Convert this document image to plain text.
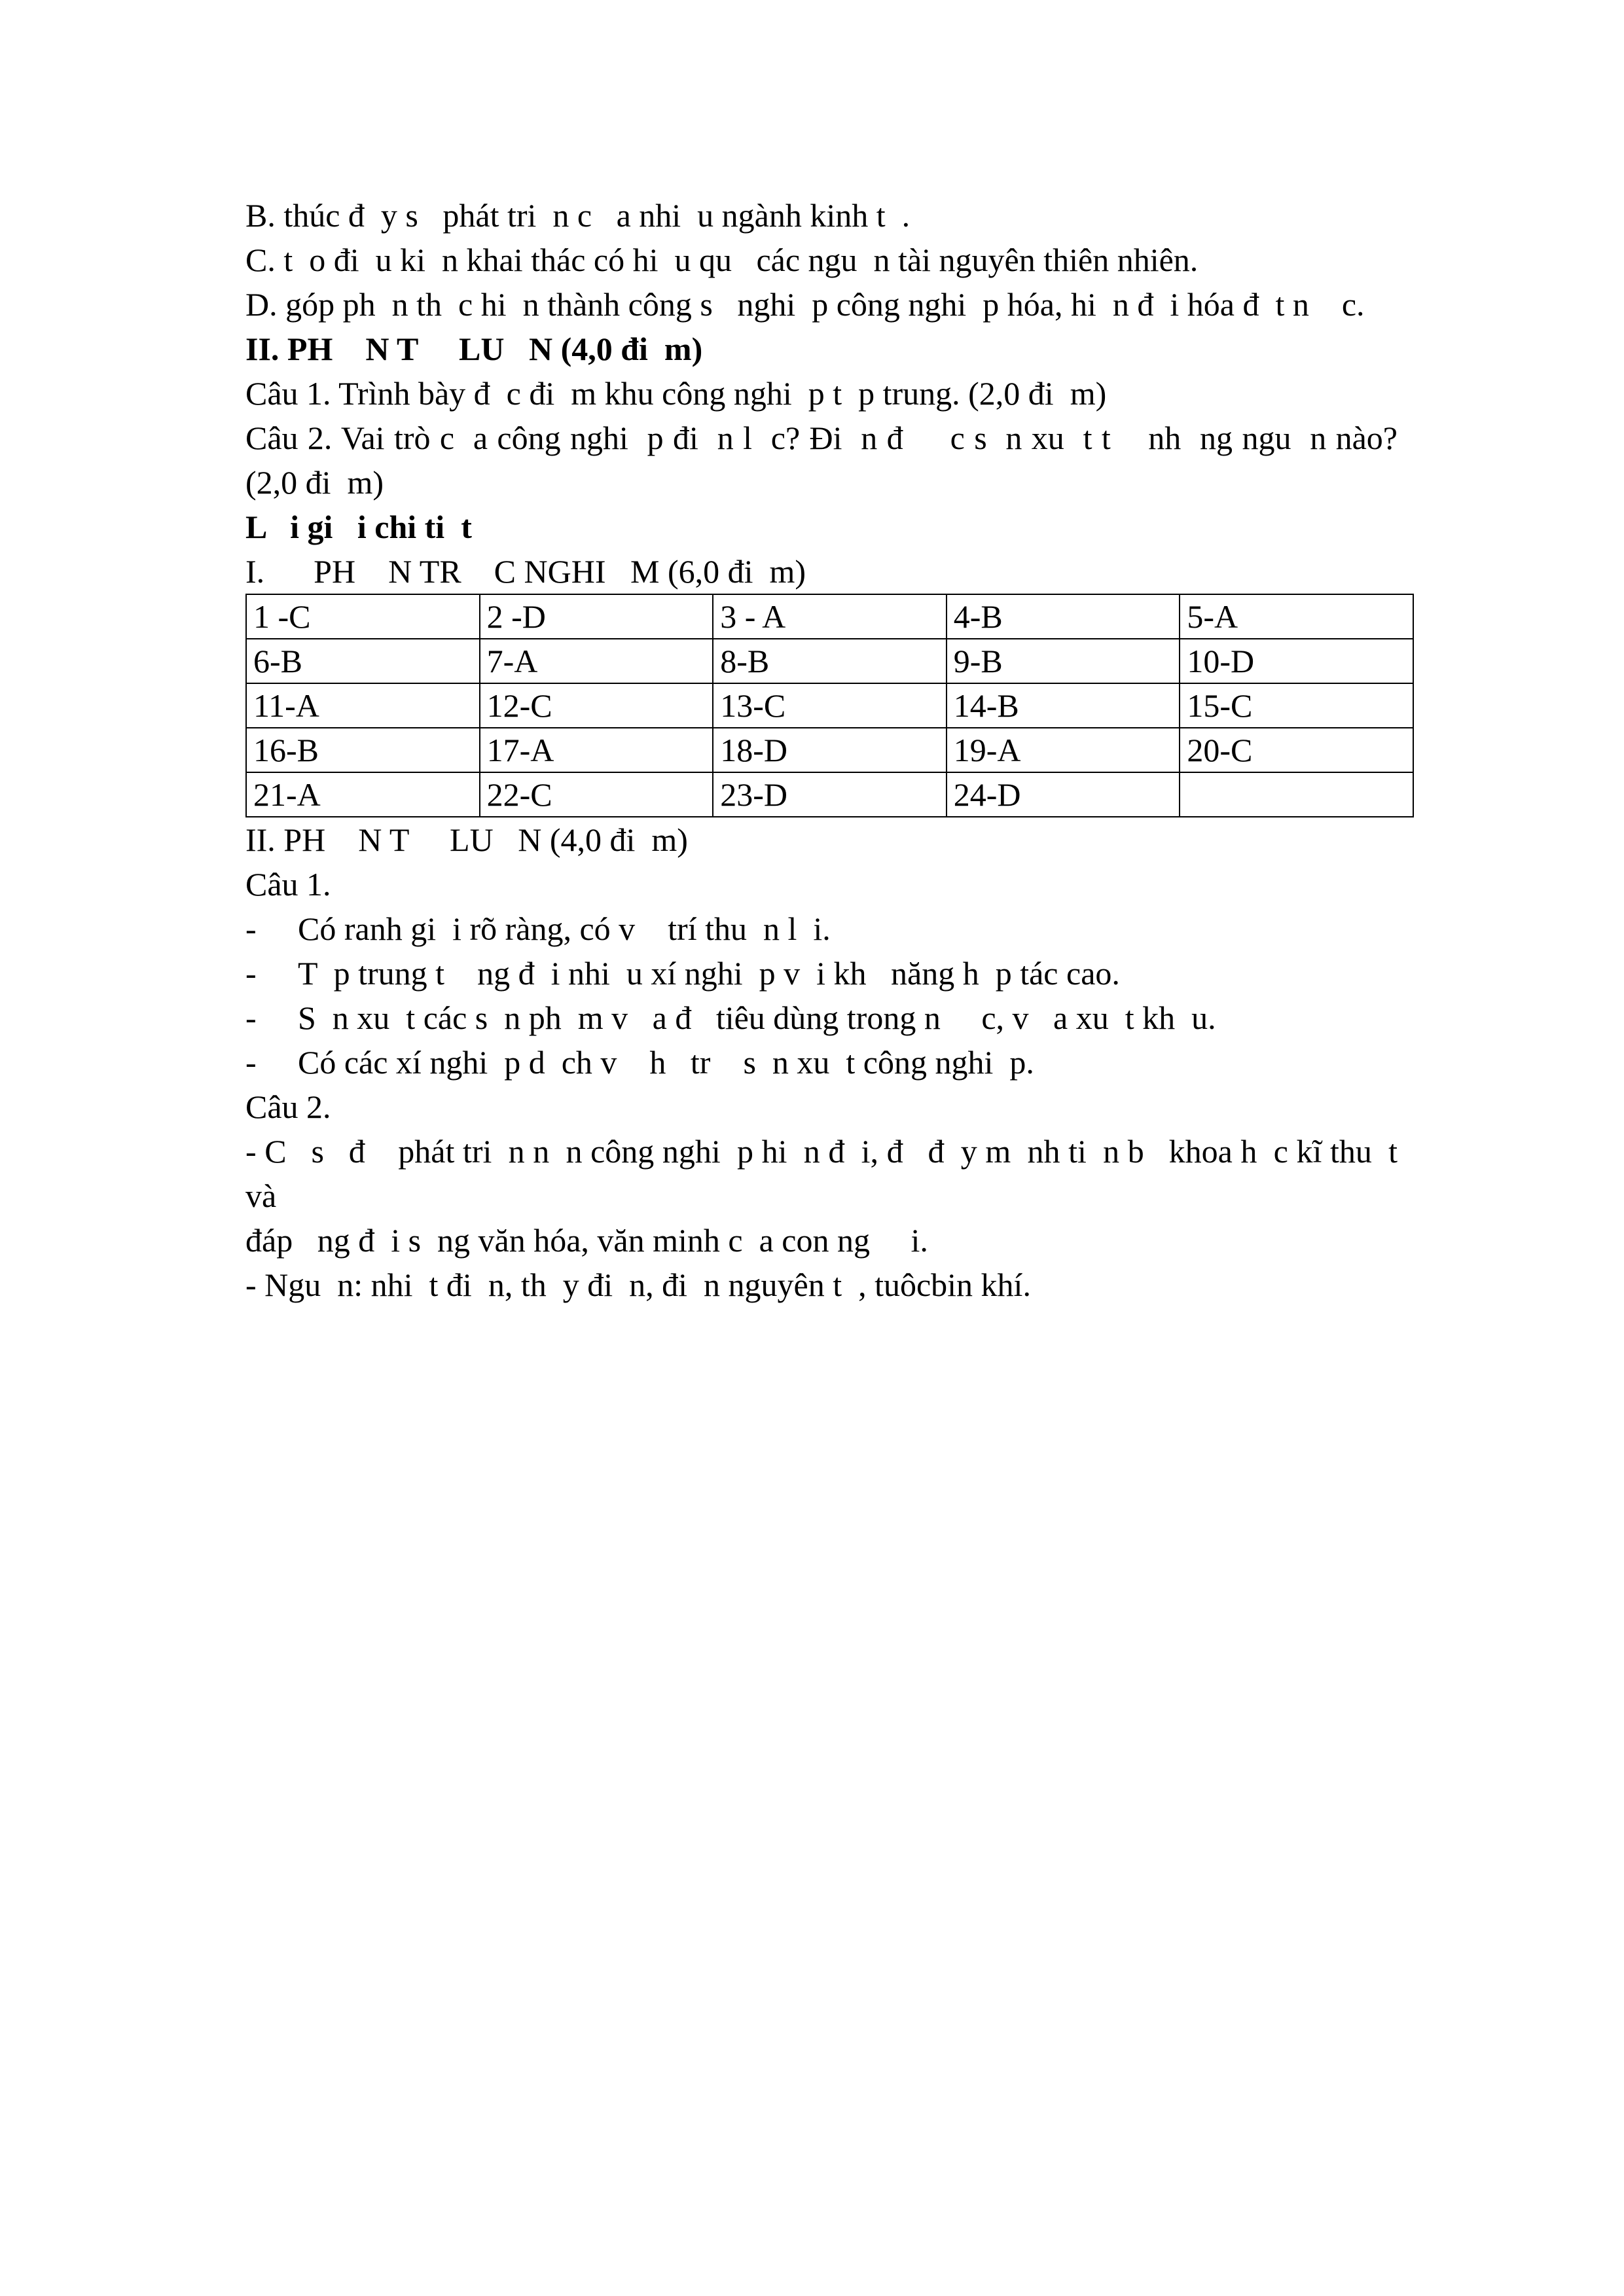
B. thúc đ  y s   phát tri  n c   a nhi  u ngành kinh t  .

C. t  o đi  u ki  n khai thác có hi  u qu   các ngu  n tài nguyên thiên nhiên.

D. góp ph  n th  c hi  n thành công s   nghi  p công nghi  p hóa, hi  n đ  i hóa đ  t n    c.

II. PH    N T     LU   N (4,0 đi  m)

Câu 1. Trình bày đ  c đi  m khu công nghi  p t  p trung. (2,0 đi  m)

Câu 2. Vai trò c  a công nghi  p đi  n l  c? Đi  n đ     c s  n xu  t t    nh  ng ngu  n nào? (2,0 đi  m)

L   i gi   i chi ti  t

I.      PH    N TR    C NGHI   M (6,0 đi  m)

1 -C	2 -D	3 - A	4-B	5-A
6-B	7-A	8-B	9-B	10-D
11-A	12-C	13-C	14-B	15-C
16-B	17-A	18-D	19-A	20-C
21-A	22-C	23-D	24-D	

II. PH    N T     LU   N (4,0 đi  m)

Câu 1.

-	Có ranh gi  i rõ ràng, có v    trí thu  n l  i.
-	T  p trung t    ng đ  i nhi  u xí nghi  p v  i kh   năng h  p tác cao.
-	S  n xu  t các s  n ph  m v   a đ   tiêu dùng trong n     c, v   a xu  t kh  u.
-	Có các xí nghi  p d  ch v    h   tr    s  n xu  t công nghi  p.

Câu 2.

- C   s   đ    phát tri  n n  n công nghi  p hi  n đ  i, đ   đ  y m  nh ti  n b   khoa h  c kĩ thu  t và

đáp   ng đ  i s  ng văn hóa, văn minh c  a con ng     i.

- Ngu  n: nhi  t đi  n, th  y đi  n, đi  n nguyên t  , tuôcbin khí.
